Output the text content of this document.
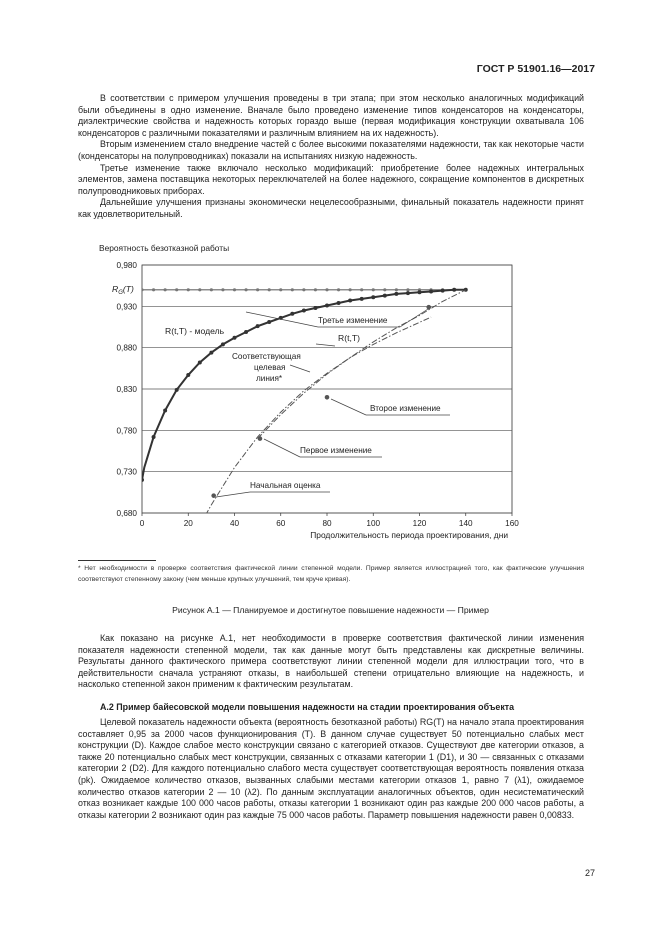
ГОСТ Р 51901.16—2017

В соответствии с примером улучшения проведены в три этапа; при этом несколько аналогичных модификаций были объединены в одно изменение. Вначале было проведено изменение типов конденсаторов на конденсаторы, диэлектрические свойства и надежность которых гораздо выше (первая модификация конструкции охватывала 106 конденсаторов с различными показателями и различным влиянием на их надежность).

Вторым изменением стало внедрение частей с более высокими показателями надежности, так как некоторые части (конденсаторы на полупроводниках) показали на испытаниях низкую надежность.

Третье изменение также включало несколько модификаций: приобретение более надежных интегральных элементов, замена поставщика некоторых переключателей на более надежного, сокращение компонентов в дискретных полупроводниковых приборах.

Дальнейшие улучшения признаны экономически нецелесообразными, финальный показатель надежности принят как удовлетворительный.

Вероятность безотказной работы
0,680
0,730
0,780
0,830
0,880
0,930
0,980
0	20	40	60	80	100	120	140	160
$R_G(T)$
R(t,T) - модель
R(t,T)
Соответствующая
целевая
линия*
Третье изменение
Второе изменение
Первое изменение
Начальная оценка
Продолжительность периода проектирования, дни
* Нет необходимости в проверке соответствия фактической линии степенной модели. Пример является иллюстрацией того, как фактические улучшения соответствуют степенному закону (чем меньше крупных улучшений, тем круче кривая).
Рисунок А.1 — Планируемое и достигнутое повышение надежности — Пример

Как показано на рисунке А.1, нет необходимости в проверке соответствия фактической линии изменения показателя надежности степенной модели, так как данные могут быть представлены как дискретные величины. Результаты данного фактического примера соответствуют линии степенной модели для иллюстрации того, что в действительности сначала устраняют отказы, в наибольшей степени отрицательно влияющие на надежность, и насколько степенной закон применим к фактическим результатам.

А.2 Пример байесовской модели повышения надежности на стадии проектирования объекта

Целевой показатель надежности объекта (вероятность безотказной работы) RG(T) на начало этапа проектирования составляет 0,95 за 2000 часов функционирования (T). В данном случае существует 50 потенциально слабых мест конструкции (D). Каждое слабое место конструкции связано с категорией отказов. Существуют две категории отказов, а также 20 потенциально слабых мест конструкции, связанных с отказами категории 1 (D1), и 30 — связанных с отказами категории 2 (D2). Для каждого потенциально слабого места существует соответствующая вероятность появления отказа (pk). Ожидаемое количество отказов, вызванных слабыми местами категории отказов 1, равно 7 (λ1), ожидаемое количество отказов категории 2 — 10 (λ2). По данным эксплуатации аналогичных объектов, один несистематический отказ возникает каждые 100 000 часов работы, отказы категории 1 возникают один раз каждые 200 000 часов работы, а отказы категории 2 возникают один раз каждые 75 000 часов работы. Параметр повышения надежности равен 0,00833.

27
